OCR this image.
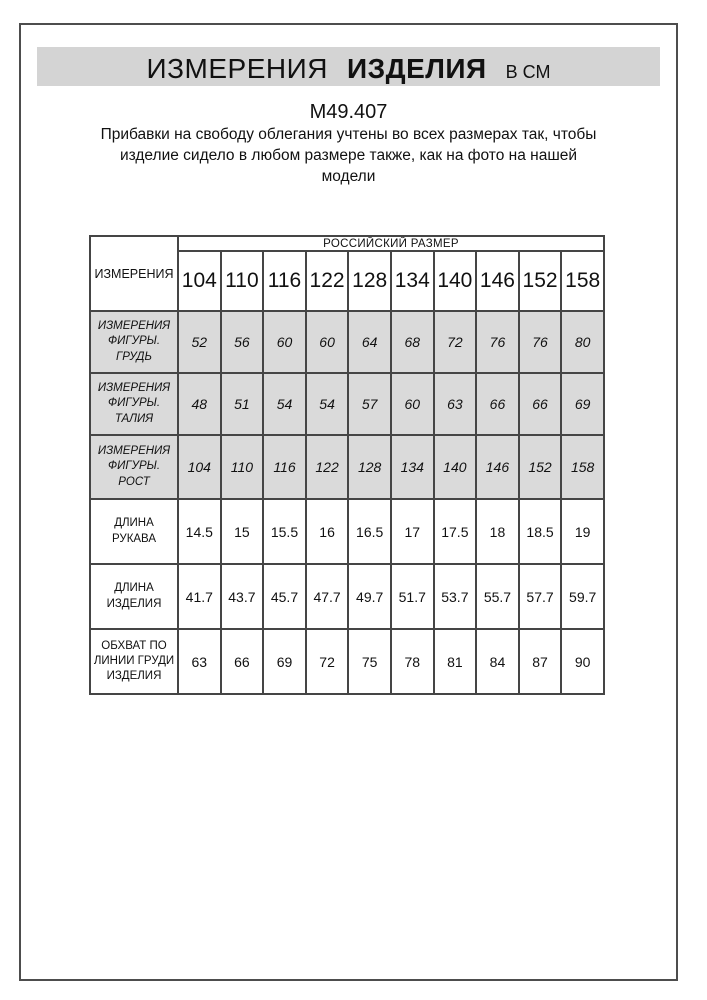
ИЗМЕРЕНИЯ ИЗДЕЛИЯ В СМ
М49.407
Прибавки на свободу облегания учтены во всех размерах так, чтобы
изделие сидело в любом размере также, как на фото на нашей
модели
ИЗМЕРЕНИЯ	РОССИЙСКИЙ РАЗМЕР									
	104	110	116	122	128	134	140	146	152	158
ИЗМЕРЕНИЯ ФИГУРЫ. ГРУДЬ	52	56	60	60	64	68	72	76	76	80
ИЗМЕРЕНИЯ ФИГУРЫ. ТАЛИЯ	48	51	54	54	57	60	63	66	66	69
ИЗМЕРЕНИЯ ФИГУРЫ. РОСТ	104	110	116	122	128	134	140	146	152	158
ДЛИНА РУКАВА	14.5	15	15.5	16	16.5	17	17.5	18	18.5	19
ДЛИНА ИЗДЕЛИЯ	41.7	43.7	45.7	47.7	49.7	51.7	53.7	55.7	57.7	59.7
ОБХВАТ ПО ЛИНИИ ГРУДИ ИЗДЕЛИЯ	63	66	69	72	75	78	81	84	87	90
